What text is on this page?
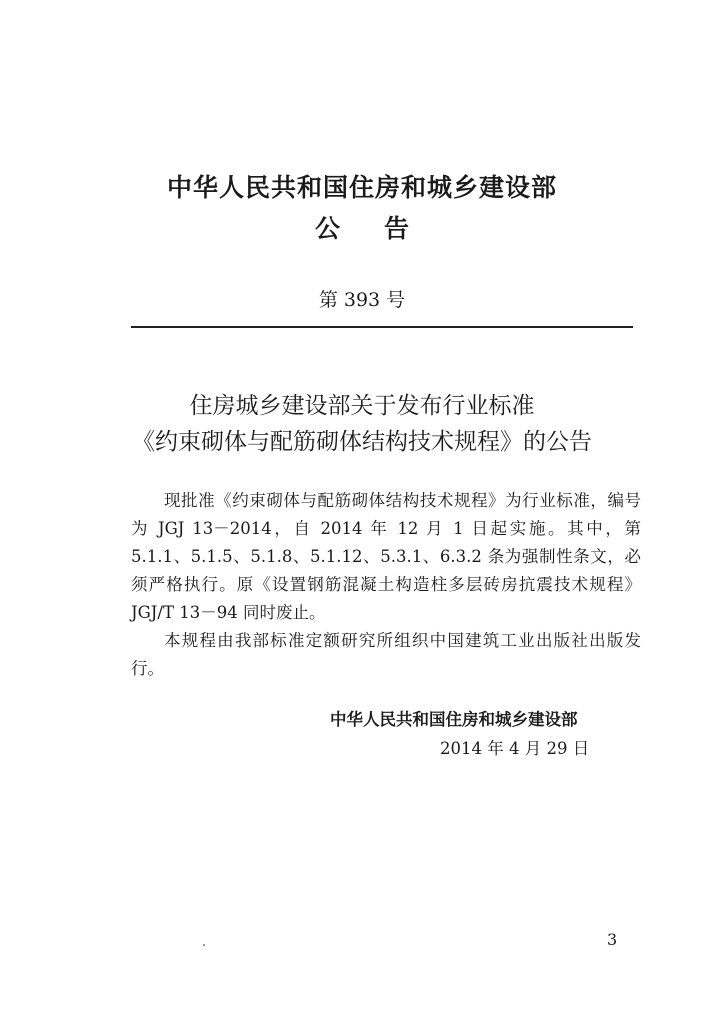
中华人民共和国住房和城乡建设部
公告
第 393 号
住房城乡建设部关于发布行业标准
《约束砌体与配筋砌体结构技术规程》的公告

现批准《约束砌体与配筋砌体结构技术规程》为行业标准，编号为 JGJ 13－2014，自 2014 年 12 月 1 日起实施。其中，第 5.1.1、5.1.5、5.1.8、5.1.12、5.3.1、6.3.2 条为强制性条文，必须严格执行。原《设置钢筋混凝土构造柱多层砖房抗震技术规程》JGJ/T 13－94 同时废止。

本规程由我部标准定额研究所组织中国建筑工业出版社出版发行。

中华人民共和国住房和城乡建设部
2014 年 4 月 29 日
3
